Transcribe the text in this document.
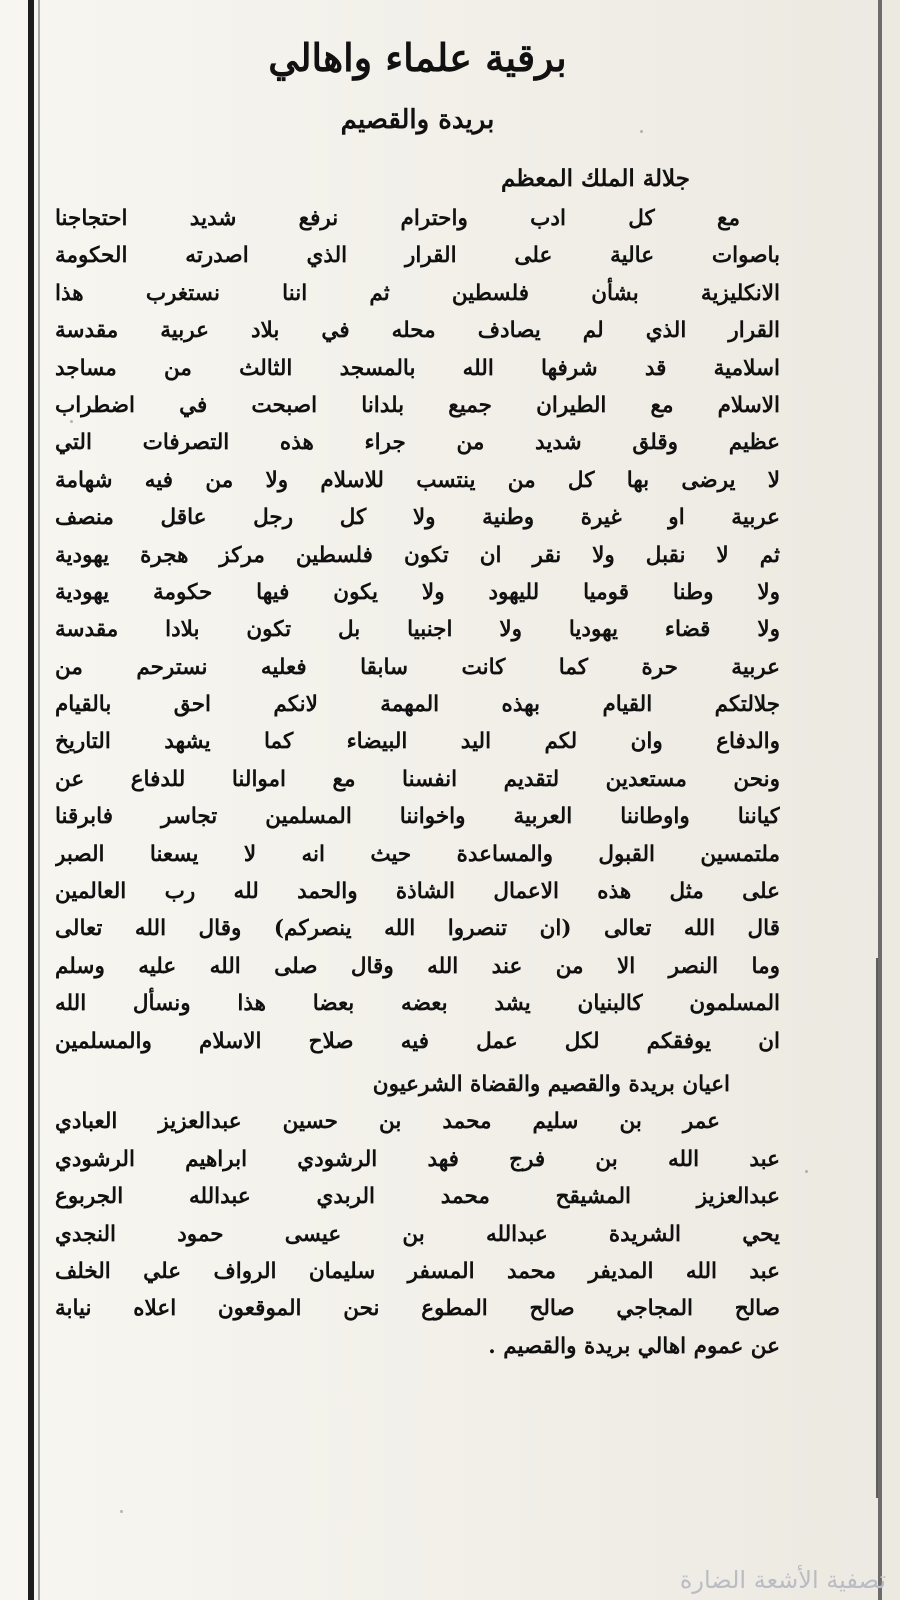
برقية علماء واهالي
بريدة والقصيم
جلالة الملك المعظم
مع كل ادب واحترام نرفع شديد احتجاجنا
باصوات عالية على القرار الذي اصدرته الحكومة
الانكليزية بشأن فلسطين ثم اننا نستغرب هذا
القرار الذي لم يصادف محله في بلاد عربية مقدسة
اسلامية قد شرفها الله بالمسجد الثالث من مساجد
الاسلام مع الطيران جميع بلدانا اصبحت في اضطراب
عظيم وقلق شديد من جراء هذه التصرفات التي
لا يرضى بها كل من ينتسب للاسلام ولا من فيه شهامة
عربية او غيرة وطنية ولا كل رجل عاقل منصف
ثم لا نقبل ولا نقر ان تكون فلسطين مركز هجرة يهودية
ولا وطنا قوميا لليهود ولا يكون فيها حكومة يهودية
ولا قضاء يهوديا ولا اجنبيا بل تكون بلادا مقدسة
عربية حرة كما كانت سابقا فعليه نسترحم من
جلالتكم القيام بهذه المهمة لانكم احق بالقيام
والدفاع وان لكم اليد البيضاء كما يشهد التاريخ
ونحن مستعدين لتقديم انفسنا مع اموالنا للدفاع عن
كياننا واوطاننا العربية واخواننا المسلمين تجاسر فابرقنا
ملتمسين القبول والمساعدة حيث انه لا يسعنا الصبر
على مثل هذه الاعمال الشاذة والحمد لله رب العالمين
قال الله تعالى (ان تنصروا الله ينصركم) وقال الله تعالى
وما النصر الا من عند الله وقال صلى الله عليه وسلم
المسلمون كالبنيان يشد بعضه بعضا هذا ونسأل الله
ان يوفقكم لكل عمل فيه صلاح الاسلام والمسلمين
اعيان بريدة والقصيم والقضاة الشرعيون
عمر بن سليم محمد بن حسين عبدالعزيز العبادي
عبد الله بن فرج فهد الرشودي ابراهيم الرشودي
عبدالعزيز المشيقح محمد الربدي عبدالله الجربوع
يحي الشريدة عبدالله بن عيسى حمود النجدي
عبد الله المديفر محمد المسفر سليمان الرواف علي الخلف
صالح المجاجي صالح المطوع نحن الموقعون اعلاه نيابة
عن عموم اهالي بريدة والقصيم .
تصفية الأشعة الضارة
